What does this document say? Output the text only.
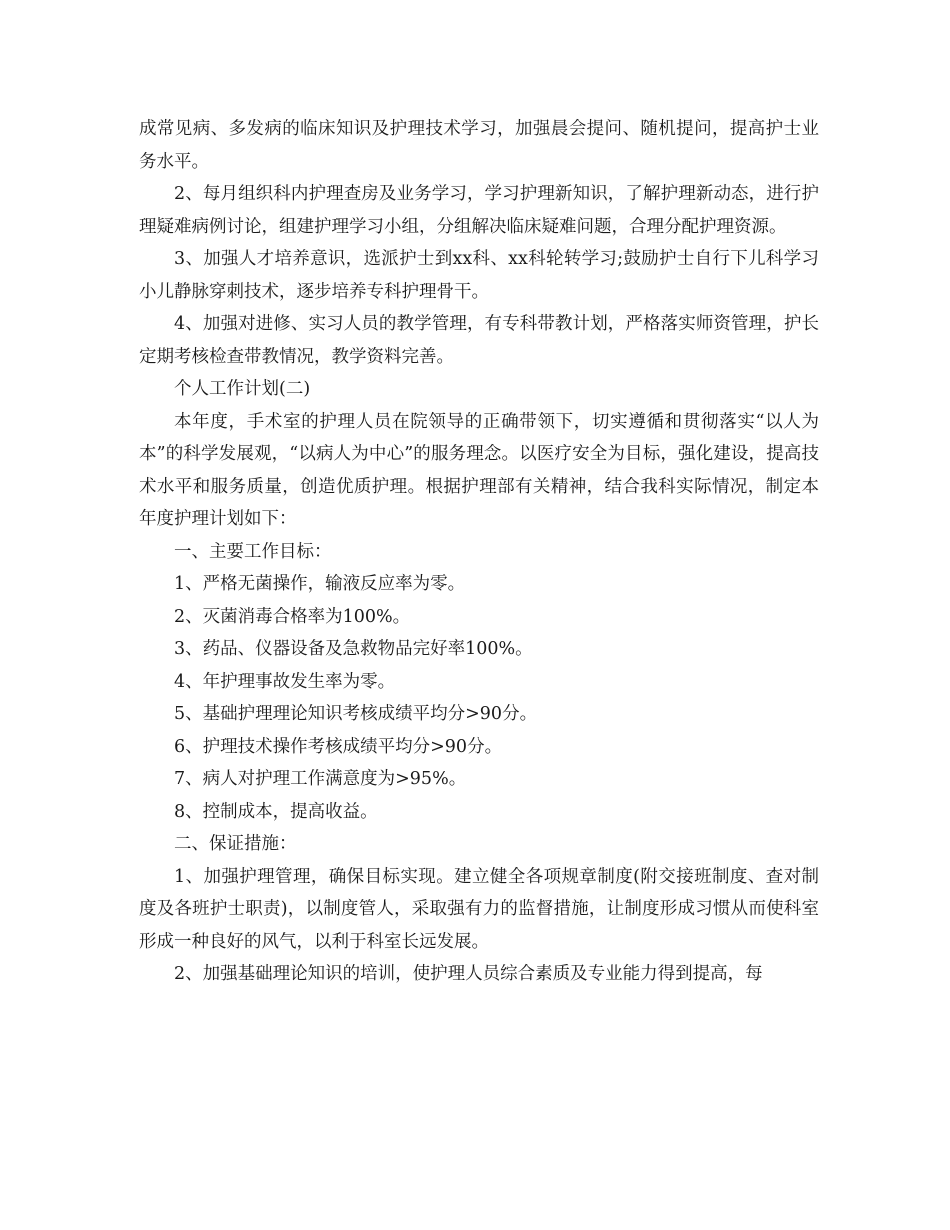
成常见病、多发病的临床知识及护理技术学习，加强晨会提问、随机提问，提高护士业务水平。

2、每月组织科内护理查房及业务学习，学习护理新知识，了解护理新动态，进行护理疑难病例讨论，组建护理学习小组，分组解决临床疑难问题，合理分配护理资源。

3、加强人才培养意识，选派护士到xx科、xx科轮转学习;鼓励护士自行下儿科学习小儿静脉穿刺技术，逐步培养专科护理骨干。

4、加强对进修、实习人员的教学管理，有专科带教计划，严格落实师资管理，护长定期考核检查带教情况，教学资料完善。

个人工作计划(二)

本年度，手术室的护理人员在院领导的正确带领下，切实遵循和贯彻落实“以人为本”的科学发展观，“以病人为中心”的服务理念。以医疗安全为目标，强化建设，提高技术水平和服务质量，创造优质护理。根据护理部有关精神，结合我科实际情况，制定本年度护理计划如下：

一、主要工作目标：

1、严格无菌操作，输液反应率为零。

2、灭菌消毒合格率为100%。

3、药品、仪器设备及急救物品完好率100%。

4、年护理事故发生率为零。

5、基础护理理论知识考核成绩平均分>90分。

6、护理技术操作考核成绩平均分>90分。

7、病人对护理工作满意度为>95%。

8、控制成本，提高收益。

二、保证措施：

1、加强护理管理，确保目标实现。建立健全各项规章制度(附交接班制度、查对制度及各班护士职责)，以制度管人，采取强有力的监督措施，让制度形成习惯从而使科室形成一种良好的风气，以利于科室长远发展。

2、加强基础理论知识的培训，使护理人员综合素质及专业能力得到提高，每
